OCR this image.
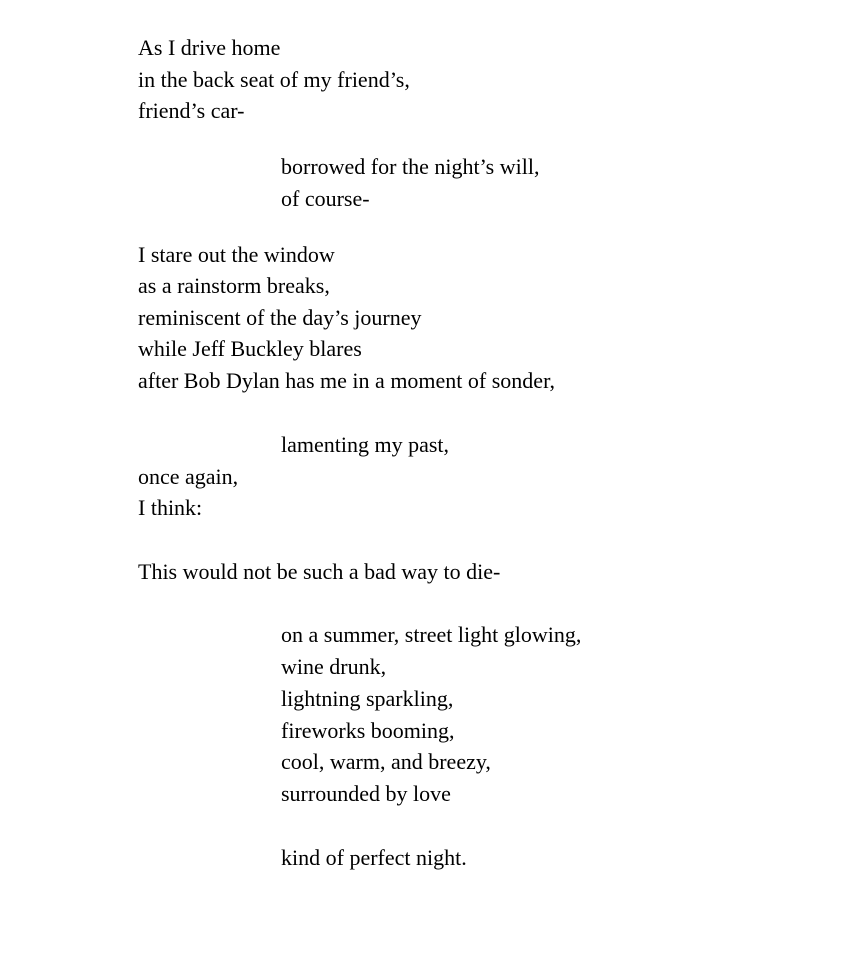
As I drive home
in the back seat of my friend’s,
friend’s car-
borrowed for the night’s will,
of course-
I stare out the window
as a rainstorm breaks,
reminiscent of the day’s journey
while Jeff Buckley blares
after Bob Dylan has me in a moment of sonder,
lamenting my past,
once again,
I think:
This would not be such a bad way to die-
on a summer, street light glowing,
wine drunk,
lightning sparkling,
fireworks booming,
cool, warm, and breezy,
surrounded by love
kind of perfect night.
